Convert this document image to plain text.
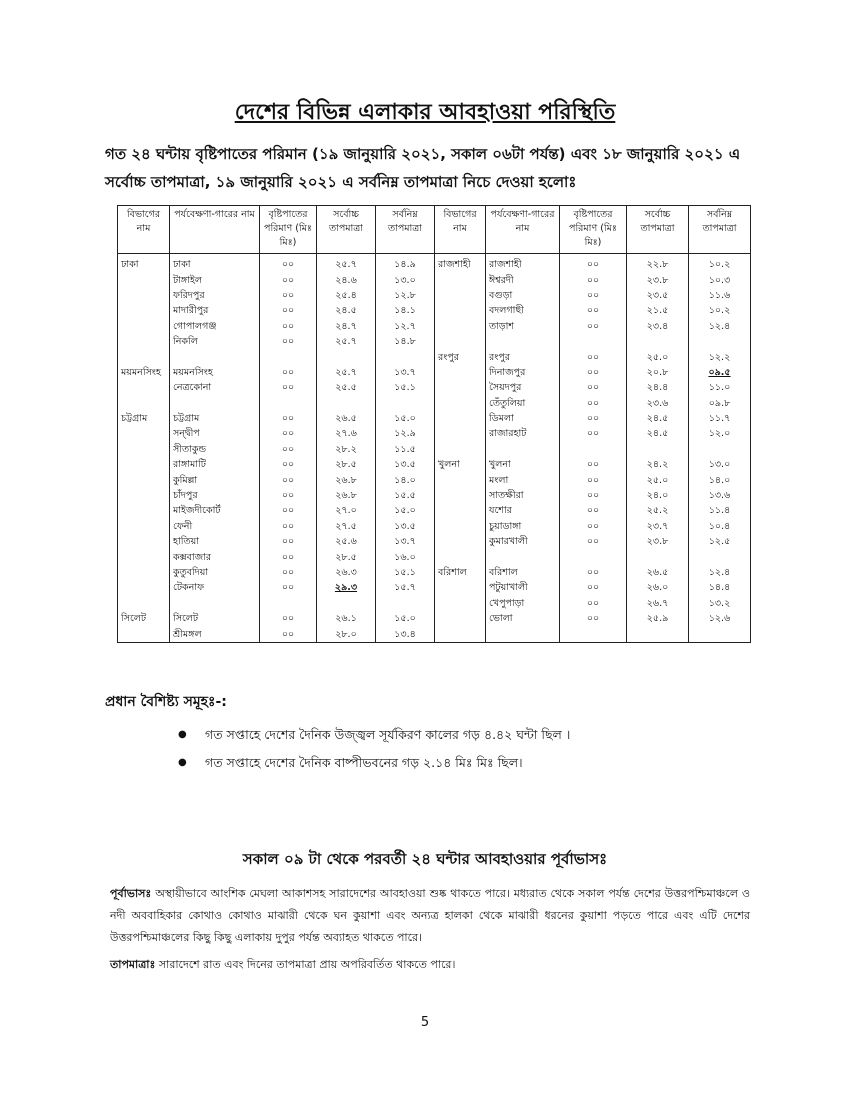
দেশের বিভিন্ন এলাকার আবহাওয়া পরিস্থিতি
গত ২৪ ঘন্টায় বৃষ্টিপাতের পরিমান (১৯ জানুয়ারি ২০২১, সকাল ০৬টা পর্যন্ত) এবং ১৮ জানুয়ারি ২০২১ এ সর্বোচ্চ তাপমাত্রা, ১৯ জানুয়ারি ২০২১ এ সর্বনিম্ন তাপমাত্রা নিচে দেওয়া হলোঃ
বিভাগের নাম	পর্যবেক্ষণা-গারের নাম	বৃষ্টিপাতের পরিমাণ (মিঃ মিঃ)	সর্বোচ্চ তাপমাত্রা	সর্বনিম্ন তাপমাত্রা	বিভাগের নাম	পর্যবেক্ষণা-গারের নাম	বৃষ্টিপাতের পরিমাণ (মিঃ মিঃ)	সর্বোচ্চ তাপমাত্রা	সর্বনিম্ন তাপমাত্রা
ঢাকা	ঢাকা	০০	২৫.৭	১৪.৯	রাজশাহী	রাজশাহী	০০	২২.৮	১০.২
	টাঙ্গাইল	০০	২৪.৬	১৩.০		ঈশ্বরদী	০০	২৩.৮	১০.৩
	ফরিদপুর	০০	২৫.৪	১২.৮		বগুড়া	০০	২৩.৫	১১.৬
	মাদারীপুর	০০	২৪.৫	১৪.১		বদলগাছী	০০	২১.৫	১০.২
	গোপালগঞ্জ	০০	২৪.৭	১২.৭		তাড়াশ	০০	২৩.৪	১২.৪
	নিকলি	০০	২৫.৭	১৪.৮					
					রংপুর	রংপুর	০০	২৫.০	১২.২
ময়মনসিংহ	ময়মনসিংহ	০০	২৫.৭	১৩.৭		দিনাজপুর	০০	২০.৮	০৯.৫
	নেত্রকোনা	০০	২৫.৫	১৫.১		সৈয়দপুর	০০	২৪.৪	১১.০
						তেঁতুলিয়া	০০	২৩.৬	০৯.৮
চট্টগ্রাম	চট্টগ্রাম	০০	২৬.৫	১৫.০		ডিমলা	০০	২৪.৫	১১.৭
	সন্দ্বীপ	০০	২৭.৬	১২.৯		রাজারহাট	০০	২৪.৫	১২.০
	সীতাকুন্ড	০০	২৮.২	১১.৫					
	রাঙ্গামাটি	০০	২৮.৫	১৩.৫	খুলনা	খুলনা	০০	২৪.২	১৩.০
	কুমিল্লা	০০	২৬.৮	১৪.০		মংলা	০০	২৫.০	১৪.০
	চাঁদপুর	০০	২৬.৮	১৫.৫		সাতক্ষীরা	০০	২৪.০	১৩.৬
	মাইজদীকোর্ট	০০	২৭.০	১৫.০		যশোর	০০	২৫.২	১১.৪
	ফেনী	০০	২৭.৫	১৩.৫		চুয়াডাঙ্গা	০০	২৩.৭	১০.৪
	হাতিয়া	০০	২৫.৬	১৩.৭		কুমারখালী	০০	২৩.৮	১২.৫
	কক্সবাজার	০০	২৮.৫	১৬.০					
	কুতুবদিয়া	০০	২৬.৩	১৫.১	বরিশাল	বরিশাল	০০	২৬.৫	১২.৪
	টেকনাফ	০০	২৯.৩	১৫.৭		পটুয়াখালী	০০	২৬.০	১৪.৪
						খেপুপাড়া	০০	২৬.৭	১৩.২
সিলেট	সিলেট	০০	২৬.১	১৫.০		ভোলা	০০	২৫.৯	১২.৬
	শ্রীমঙ্গল	০০	২৮.০	১৩.৪					
প্রধান বৈশিষ্ট্য সমূহঃ-:
● গত সপ্তাহে দেশের দৈনিক উজ্জ্বল সূর্যকিরণ কালের গড় ৪.৪২ ঘন্টা ছিল ।
● গত সপ্তাহে দেশের দৈনিক বাষ্পীভবনের গড় ২.১৪ মিঃ মিঃ ছিল।
সকাল ০৯ টা থেকে পরবর্তী ২৪ ঘন্টার আবহাওয়ার পূর্বাভাসঃ
পূর্বাভাসঃ অস্থায়ীভাবে আংশিক মেঘলা আকাশসহ সারাদেশের আবহাওয়া শুষ্ক থাকতে পারে। মধ্যরাত থেকে সকাল পর্যন্ত দেশের উত্তরপশ্চিমাঞ্চলে ও নদী অববাহিকার কোথাও কোথাও মাঝারী থেকে ঘন কুয়াশা এবং অন্যত্র হালকা থেকে মাঝারী ধরনের কুয়াশা পড়তে পারে এবং এটি দেশের উত্তরপশ্চিমাঞ্চলের কিছু কিছু এলাকায় দুপুর পর্যন্ত অব্যাহত থাকতে পারে।
তাপমাত্রাঃ সারাদেশে রাত এবং দিনের তাপমাত্রা প্রায় অপরিবর্তিত থাকতে পারে।
5
